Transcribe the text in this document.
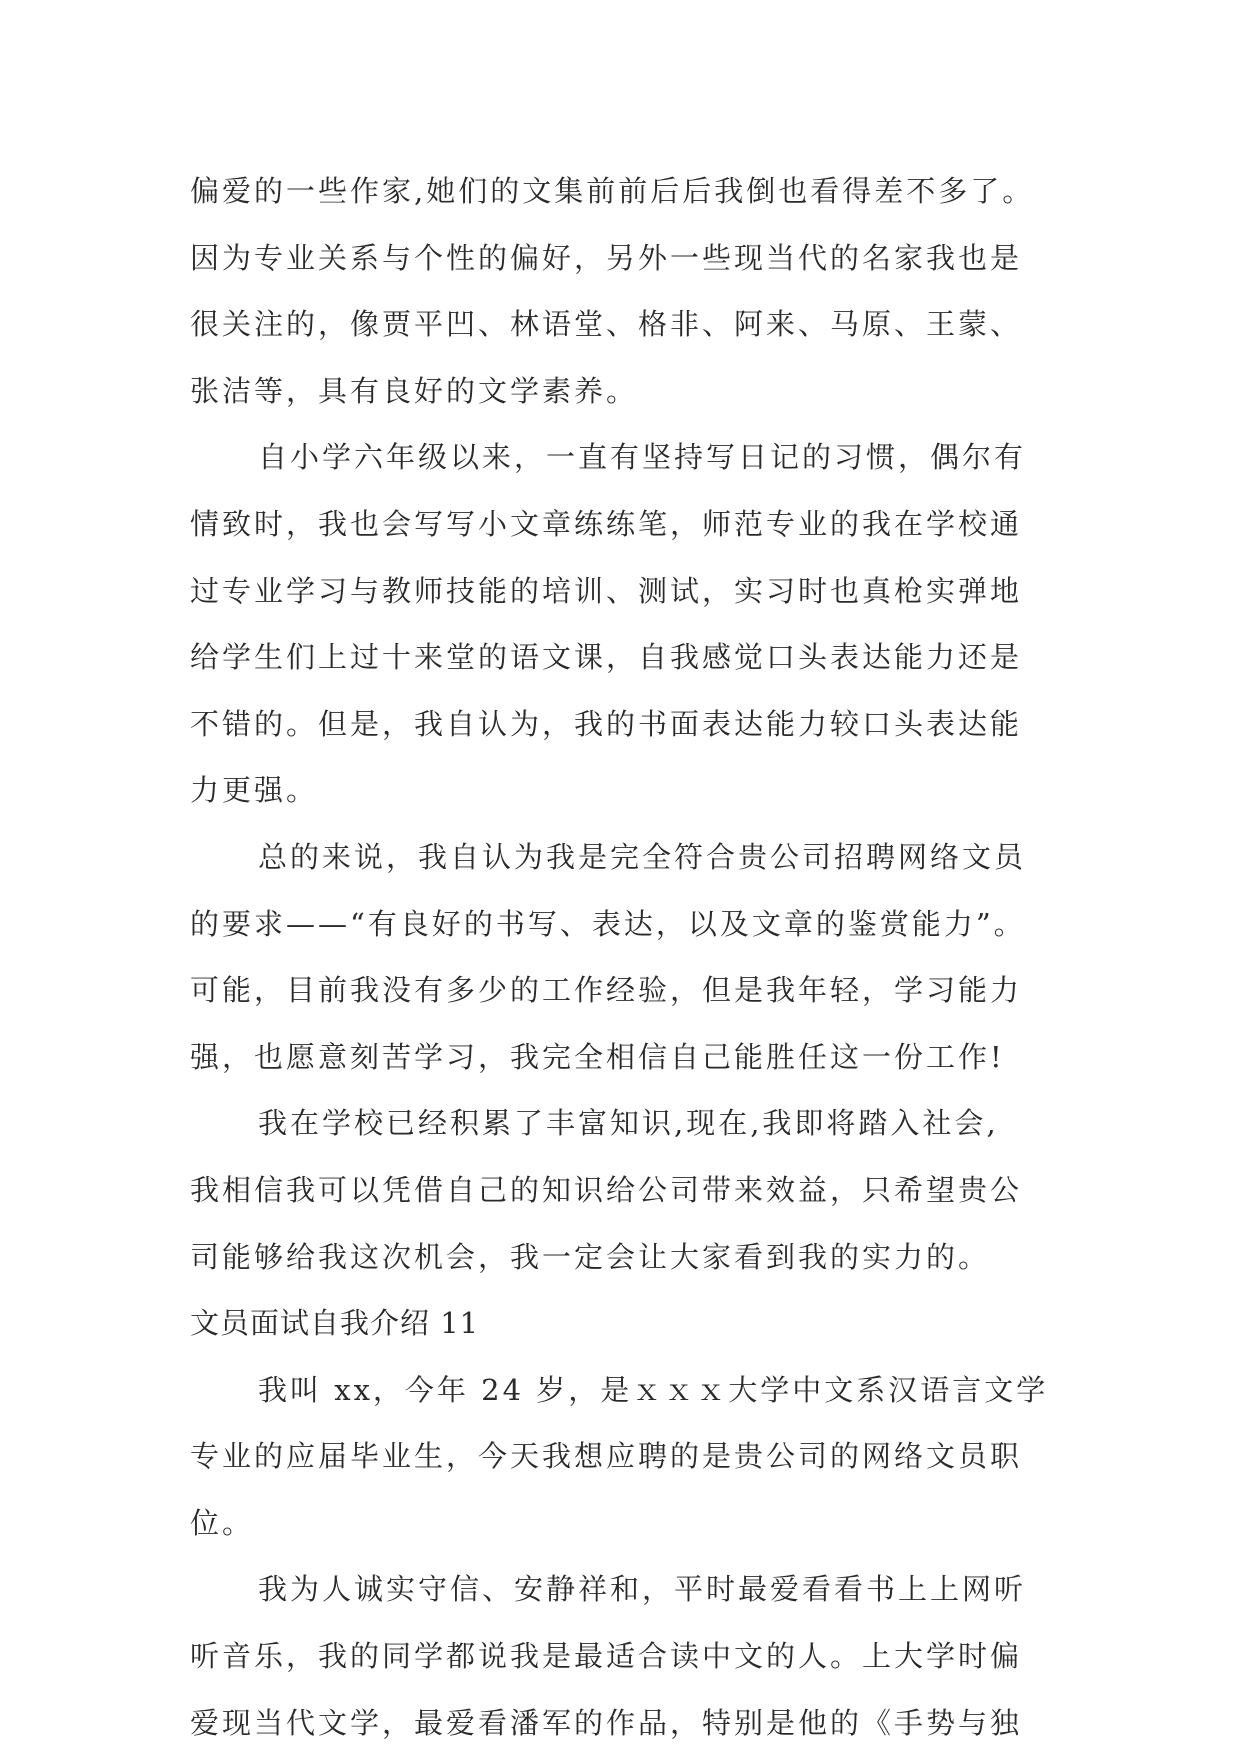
偏爱的一些作家,她们的文集前前后后我倒也看得差不多了。
因为专业关系与个性的偏好，另外一些现当代的名家我也是
很关注的，像贾平凹、林语堂、格非、阿来、马原、王蒙、
张洁等，具有良好的文学素养。
自小学六年级以来，一直有坚持写日记的习惯，偶尔有
情致时，我也会写写小文章练练笔，师范专业的我在学校通
过专业学习与教师技能的培训、测试，实习时也真枪实弹地
给学生们上过十来堂的语文课，自我感觉口头表达能力还是
不错的。但是，我自认为，我的书面表达能力较口头表达能
力更强。
总的来说，我自认为我是完全符合贵公司招聘网络文员
的要求——“有良好的书写、表达，以及文章的鉴赏能力”。
可能，目前我没有多少的工作经验，但是我年轻，学习能力
强，也愿意刻苦学习，我完全相信自己能胜任这一份工作!
我在学校已经积累了丰富知识,现在,我即将踏入社会,
我相信我可以凭借自己的知识给公司带来效益，只希望贵公
司能够给我这次机会，我一定会让大家看到我的实力的。
文员面试自我介绍 11
我叫 xx，今年 24 岁，是ｘｘｘ大学中文系汉语言文学
专业的应届毕业生，今天我想应聘的是贵公司的网络文员职
位。
我为人诚实守信、安静祥和，平时最爱看看书上上网听
听音乐，我的同学都说我是最适合读中文的人。上大学时偏
爱现当代文学，最爱看潘军的作品，特别是他的《手势与独
